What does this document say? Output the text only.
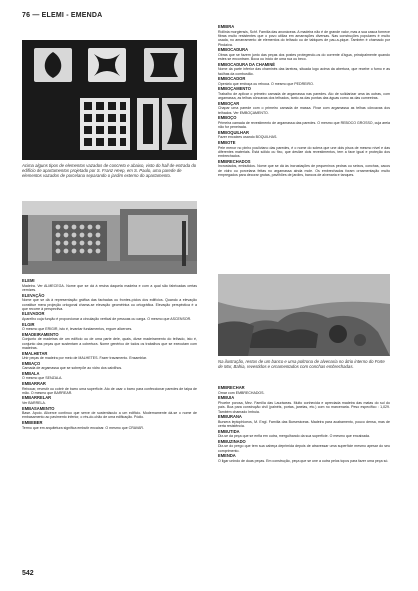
76 — ELEMI - EMENDA
Acima alguns tipos de elementos vazados de concreto e abaixo, visto do hall de entrada do edifício de apartamentos projetado por S. Franz Heep, em S. Paulo, uma parede de elementos vazados de porcelana separando o jardim externo do apartamento.
ELEMI
Madeira. Ver ALMECEGA. Nome que se dá à resina daquela madeira e com a qual são fabricadas certas vernizes.
ELEVAÇÃO
Nome que se dá à representação gráfica das fachadas ou frontes-píclos dos edifícios. Quando a elevação constitue mera projeção ortogonal chama-se elevação geométrica ou ortográfica. Elevação perspéctica é a que recorre à perspectiva.
ELEVADOR
Aparelho cuja função é proporcionar a circulação vertical de pessoas ou carga. O mesmo que ASCENSOR.
ELGIR
O mesmo que ERIGIR, isto é, levantar fundamentos, erguer alicerces.
EMADEIRAMENTO
Conjunto de madeiras de um edifício ou de uma parte dele, quais, dizse madeiramento do telhado, isto é, conjunto das peças que sustentam a cobertura. Nome genérico de todos os trabalhos que se executam com madeiras.
EMALHETAR
Unir peças de madeira por meio de MALHETES. Fazer travamento. Ensamblar.
EMBAÇO
Camada de argamassa que se sobrepõe ao vidro dos caixilhos.
EMBALA
O mesmo que SENZALA.
EMBARRAR
Rebocar, revestir ou cobrir de barro uma superfície. Ato de usar o barro para confeccionar paredes de taipa de mão. O mesmo que BARREAR.
EMBARRELAR
Ver BARRELA.
EMBASAMENTO
Base. Apoio. Alicerce contínuo que serve de sustentáculo a um edifício. Modernamente dá-se o nome de embasamento ao pavimento inferior, o rés-do-chão de uma edificação. Pódio.
EMBEBER
Termo que em arquitetura significa embutir encaixar. O mesmo que CRAVAR.
EMBIRA
Rollinia morgiensis, Schf. Família das anonáceas. A madeira não é de grande valor, mas a sua casca fornece fibras muito resistentes que o povo utiliza em amarrações diversas. Nas construções populares é muito usada, no amarramento de elementos do telhado ou de tabiques de pau-a-pique. Também é chamado por Pindaíva.
EMBOCADURA
Obras que se fazem junto das peças dos postes protegendo-os do corrente d'água, principalmente quando estes se encontram. Boca ou início de uma rua ou beco.
EMBOCADURA DA CHAMINÉ
Nome da parte inferior das chaminés das lareiras, situada logo acima da abertura, que recebe o fumo e as faúlhas da combustão.
EMBOCADOR
Operário que emboça ou reboca. O mesmo que PEDREIRO.
EMBOÇAMENTO
Trabalho de aplicar o primeiro camada de argamassa nas paredes. Ato de solidarizar uma às outras, com argamassa, as telhas côncavas dos telhados, tanto as das pontas das águas como as das cumeeiras.
EMBOÇAR
Chapar uma parede com o primeiro camada de massa. Fixar com argamassa as telhas côncavas dos telhados. Ver EMBOÇAMENTO.
EMBOÇO
Primeira camada de revestimento de argamassa das paredes. O mesmo que REBOCO GROSSO, cuja areia não for peneirada.
EMBOQUILHAR
Fazer encaixes usando BOQUILHAS.
EMBOTE
Pele menor no pinho pouliviano das paredes, é o nome do solera que une dois pisos de mesmo nível e das diferentes materiais. Está sólido ou fixo, que deslize dois revestimentos, tem a face igual e proteção dos embrechados.
EMBRECHADOS
Incrustados, embutidos. Nome que se dá às incrustações de pequeninos pedras ou seixos, conchas, cacos de vidro ou porcelana feitas no argamassa ainda mole. Os embrechados foram ornamentação muito empregados para decorar grutas, pavilhões de jardins, bancos de alvenaria e tanques.
Na ilustração, restos de um banco e uma poltrona de alvenaria no átrio interno do Forte de Mar, Bahia, revestidos e ornamentados com conchas embrechadas.
EMBRECHAR
Ornar com EMBRECHADOS.
EMBUIA
Phoebe porosa, Mez. Família das Lauráceas. Muito conhecida e apreciada madeira das matas do sul do país. Boa para construção civil (painéis, portas, janelas, etc.) com no marcenaria. Peso específico : 1,029. Também chamado Imbuia.
EMBURANA
Bursera leptophloeos, M. Engl. Família das Burseráceas. Madeira para acabamento, pouco densa, mas de certa resistência.
EMBUTIDA
Diz-se da peça que se enfia em outra, mergulhando da sua superfície. O mesmo que encaixada.
EMBUZINADO
Diz-se do prego que tem sua cabeça deprimida depois de atravessar uma superfície mesmo apesar do seu comprimento.
EMENDA
O ligar unindo de duas peças. Em construção, peça que se une a outra pelos topos para fazer uma peça só.
542
